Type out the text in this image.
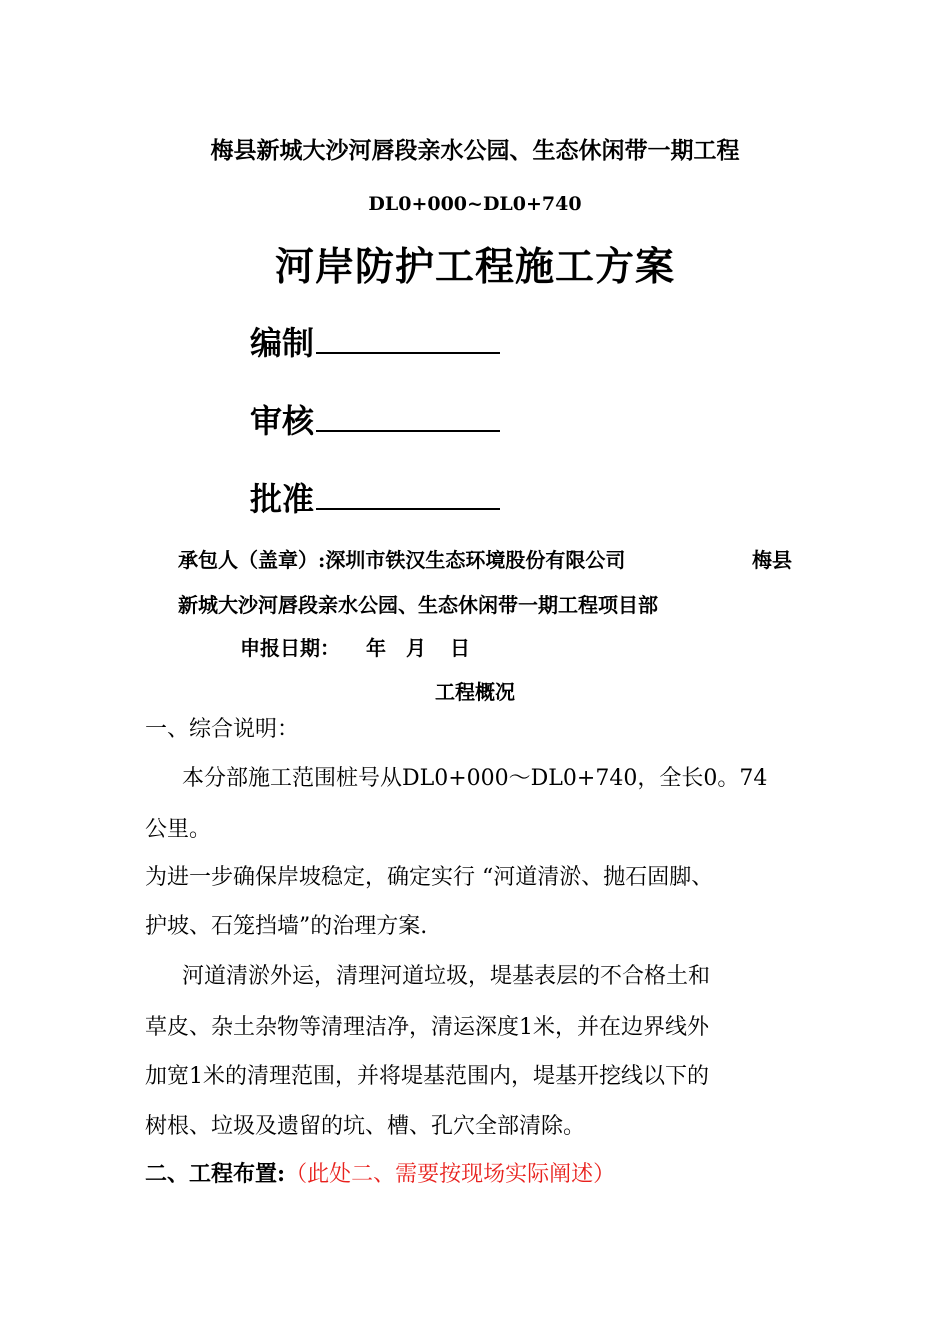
梅县新城大沙河唇段亲水公园、生态休闲带一期工程
DL0+000~DL0+740
河岸防护工程施工方案
编制
审核
批准
承包人（盖章）:深圳市铁汉生态环境股份有限公司	梅县
新城大沙河唇段亲水公园、生态休闲带一期工程项目部
申报日期： 年 月 日
工程概况
一、综合说明：
本分部施工范围桩号从DL0+000～DL0+740，全长0。74
公里。
为进一步确保岸坡稳定，确定实行 “河道清淤、抛石固脚、
护坡、石笼挡墙”的治理方案.
河道清淤外运，清理河道垃圾，堤基表层的不合格土和
草皮、杂土杂物等清理洁净，清运深度1米，并在边界线外
加宽1米的清理范围，并将堤基范围内，堤基开挖线以下的
树根、垃圾及遗留的坑、槽、孔穴全部清除。
二、工程布置:（此处二、需要按现场实际阐述）
